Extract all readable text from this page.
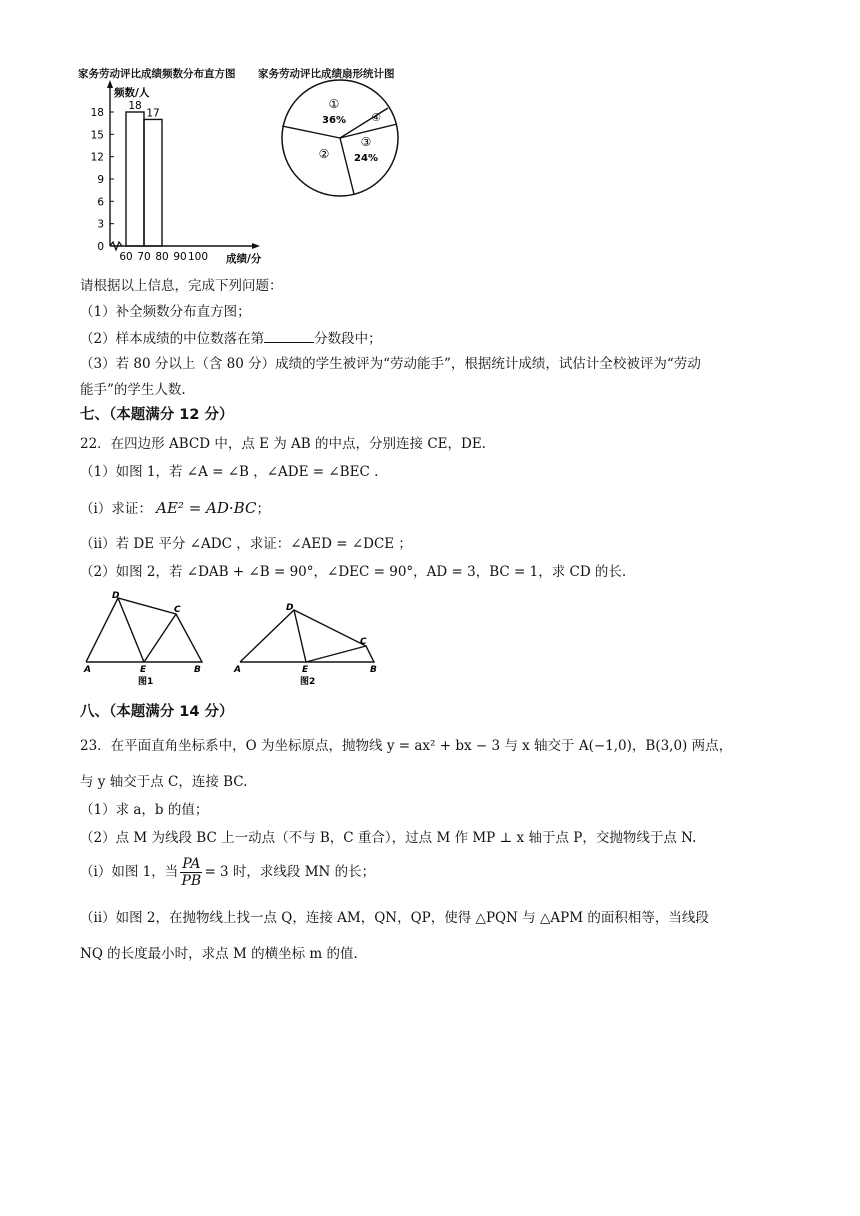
家务劳动评比成绩频数分布直方图 家务劳动评比成绩扇形统计图
频数/人
成绩/分
0
3
6
9
12
15
18
60 70 80 90 100
18
17
①
36%
②
③
24%
④
请根据以上信息，完成下列问题：
（1）补全频数分布直方图；
（2）样本成绩的中位数落在第	分数段中；
（3）若 80 分以上（含 80 分）成绩的学生被评为“劳动能手”，根据统计成绩，试估计全校被评为“劳动
能手”的学生人数.
七、（本题满分 12 分）
22．在四边形 ABCD 中，点 E 为 AB 的中点，分别连接 CE，DE.
（1）如图 1，若 ∠A = ∠B ，∠ADE = ∠BEC .
（ⅰ）求证： AE² = AD·BC；
（ⅱ）若 DE 平分 ∠ADC ，求证：∠AED = ∠DCE ；
（2）如图 2，若 ∠DAB + ∠B = 90°，∠DEC = 90°，AD = 3，BC = 1，求 CD 的长.
D
C
A	E	B
图1
D
C
A	E	B
图2
八、（本题满分 14 分）
23．在平面直角坐标系中，O 为坐标原点，抛物线 y = ax² + bx − 3 与 x 轴交于 A(−1,0)，B(3,0) 两点，
与 y 轴交于点 C，连接 BC.
（1）求 a，b 的值；
（2）点 M 为线段 BC 上一动点（不与 B，C 重合），过点 M 作 MP ⊥ x 轴于点 P，交抛物线于点 N.
（ⅰ）如图 1，当 $\frac{PA}{PB} = 3$ 时，求线段 MN 的长；
（ⅱ）如图 2，在抛物线上找一点 Q，连接 AM，QN，QP，使得 △PQN 与 △APM 的面积相等，当线段
NQ 的长度最小时，求点 M 的横坐标 m 的值.
